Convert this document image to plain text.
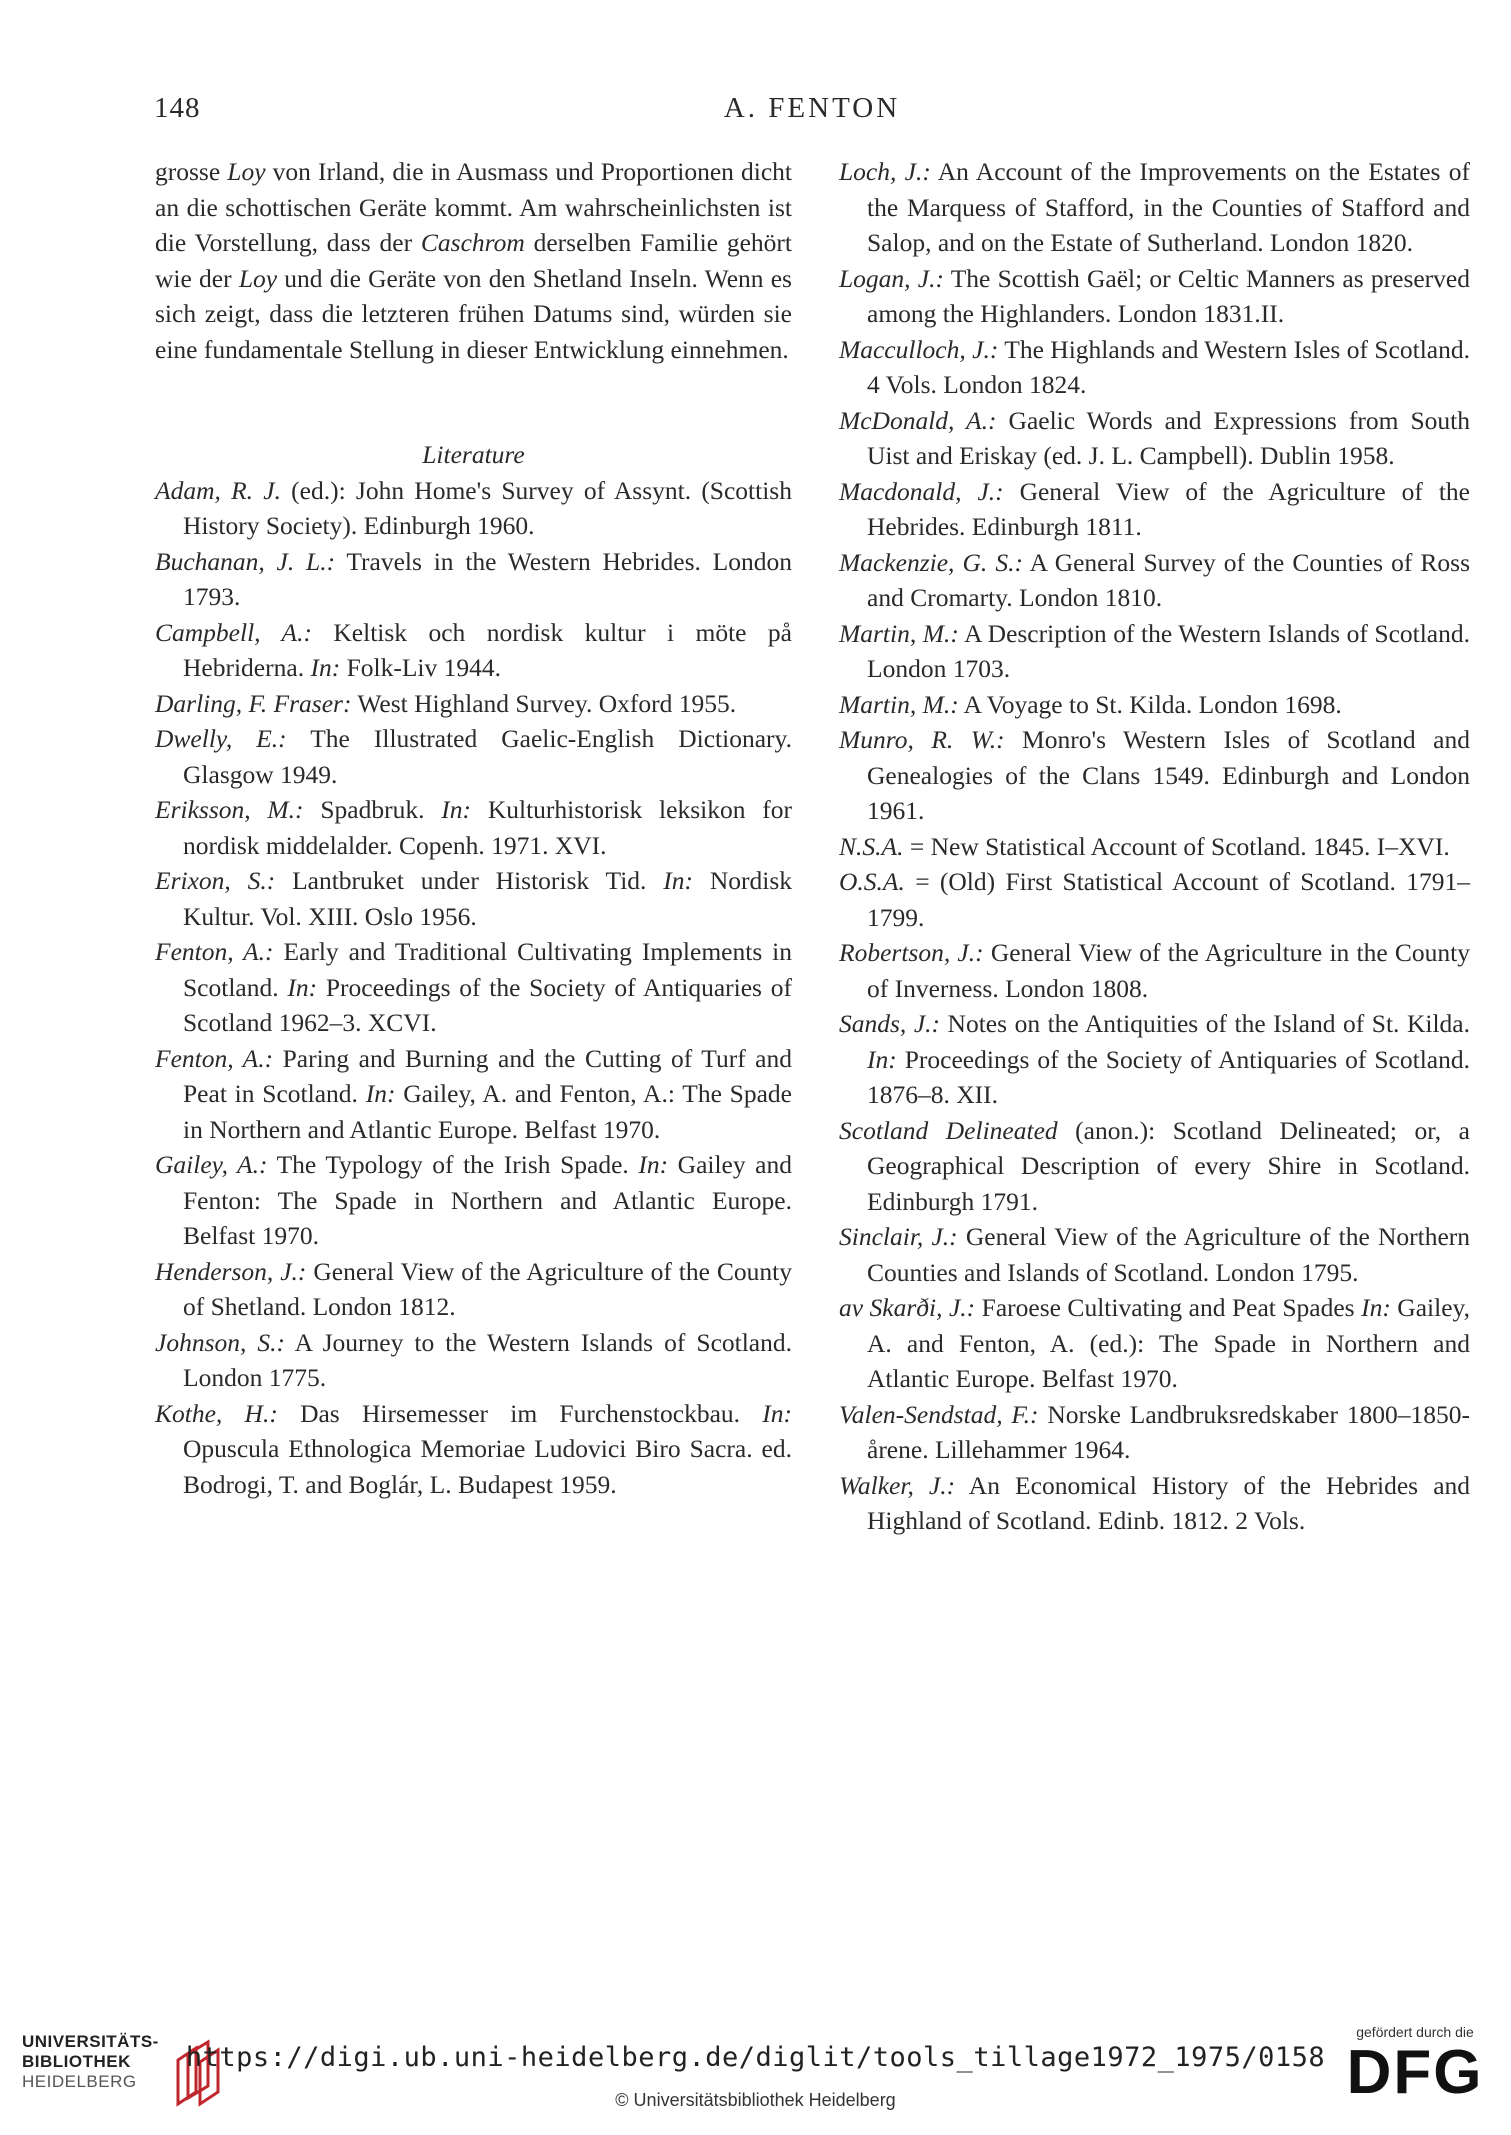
148	A. FENTON

grosse Loy von Irland, die in Ausmass und Proportionen dicht an die schottischen Geräte kommt. Am wahrscheinlichsten ist die Vorstellung, dass der Caschrom derselben Familie gehört wie der Loy und die Geräte von den Shetland Inseln. Wenn es sich zeigt, dass die letzteren frühen Datums sind, würden sie eine fundamentale Stellung in dieser Entwicklung einnehmen.

Literature

Adam, R. J. (ed.): John Home's Survey of Assynt. (Scottish History Society). Edinburgh 1960.

Buchanan, J. L.: Travels in the Western Hebrides. London 1793.

Campbell, A.: Keltisk och nordisk kultur i möte på Hebriderna. In: Folk-Liv 1944.

Darling, F. Fraser: West Highland Survey. Oxford 1955.

Dwelly, E.: The Illustrated Gaelic-English Dictionary. Glasgow 1949.

Eriksson, M.: Spadbruk. In: Kulturhistorisk leksikon for nordisk middelalder. Copenh. 1971. XVI.

Erixon, S.: Lantbruket under Historisk Tid. In: Nordisk Kultur. Vol. XIII. Oslo 1956.

Fenton, A.: Early and Traditional Cultivating Implements in Scotland. In: Proceedings of the Society of Antiquaries of Scotland 1962–3. XCVI.

Fenton, A.: Paring and Burning and the Cutting of Turf and Peat in Scotland. In: Gailey, A. and Fenton, A.: The Spade in Northern and Atlantic Europe. Belfast 1970.

Gailey, A.: The Typology of the Irish Spade. In: Gailey and Fenton: The Spade in Northern and Atlantic Europe. Belfast 1970.

Henderson, J.: General View of the Agriculture of the County of Shetland. London 1812.

Johnson, S.: A Journey to the Western Islands of Scotland. London 1775.

Kothe, H.: Das Hirsemesser im Furchenstockbau. In: Opuscula Ethnologica Memoriae Ludovici Biro Sacra. ed. Bodrogi, T. and Boglár, L. Budapest 1959.

Loch, J.: An Account of the Improvements on the Estates of the Marquess of Stafford, in the Counties of Stafford and Salop, and on the Estate of Sutherland. London 1820.

Logan, J.: The Scottish Gaël; or Celtic Manners as preserved among the Highlanders. London 1831.II.

Macculloch, J.: The Highlands and Western Isles of Scotland. 4 Vols. London 1824.

McDonald, A.: Gaelic Words and Expressions from South Uist and Eriskay (ed. J. L. Campbell). Dublin 1958.

Macdonald, J.: General View of the Agriculture of the Hebrides. Edinburgh 1811.

Mackenzie, G. S.: A General Survey of the Counties of Ross and Cromarty. London 1810.

Martin, M.: A Description of the Western Islands of Scotland. London 1703.

Martin, M.: A Voyage to St. Kilda. London 1698.

Munro, R. W.: Monro's Western Isles of Scotland and Genealogies of the Clans 1549. Edinburgh and London 1961.

N.S.A. = New Statistical Account of Scotland. 1845. I–XVI.

O.S.A. = (Old) First Statistical Account of Scotland. 1791–1799.

Robertson, J.: General View of the Agriculture in the County of Inverness. London 1808.

Sands, J.: Notes on the Antiquities of the Island of St. Kilda. In: Proceedings of the Society of Antiquaries of Scotland. 1876–8. XII.

Scotland Delineated (anon.): Scotland Delineated; or, a Geographical Description of every Shire in Scotland. Edinburgh 1791.

Sinclair, J.: General View of the Agriculture of the Northern Counties and Islands of Scotland. London 1795.

av Skarði, J.: Faroese Cultivating and Peat Spades In: Gailey, A. and Fenton, A. (ed.): The Spade in Northern and Atlantic Europe. Belfast 1970.

Valen-Sendstad, F.: Norske Landbruksredskaber 1800–1850-årene. Lillehammer 1964.

Walker, J.: An Economical History of the Hebrides and Highland of Scotland. Edinb. 1812. 2 Vols.

UNIVERSITÄTS-
BIBLIOTHEK
HEIDELBERG
https://digi.ub.uni-heidelberg.de/diglit/tools_tillage1972_1975/0158
© Universitätsbibliothek Heidelberg
gefördert durch die
DFG
